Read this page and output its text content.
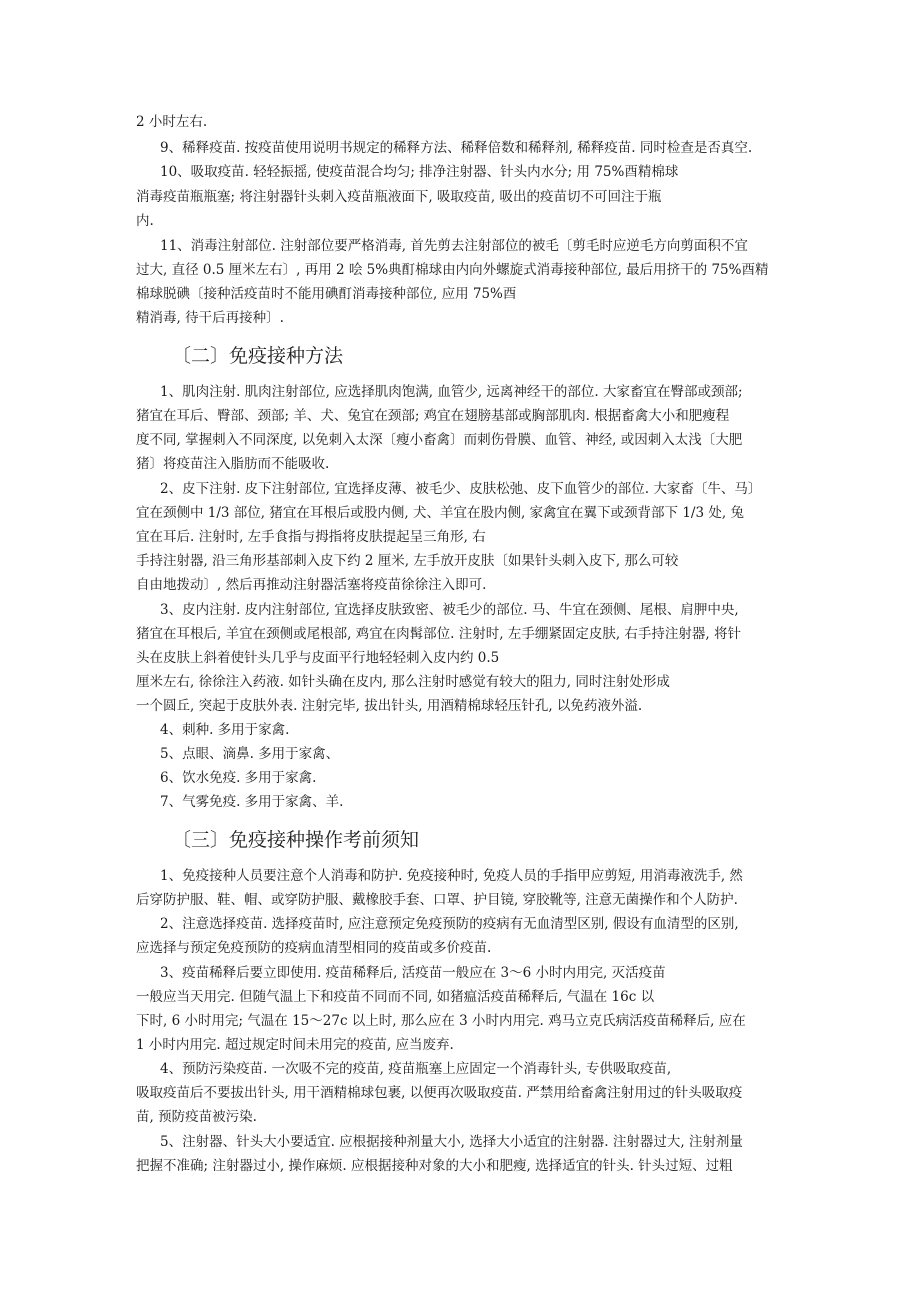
2 小时左右.
9、稀释疫苗. 按疫苗使用说明书规定的稀释方法、稀释倍数和稀释剂, 稀释疫苗. 同时检查是否真空.
10、吸取疫苗. 轻轻振摇, 使疫苗混合均匀; 排净注射器、针头内水分; 用 75%酉精棉球
消毒疫苗瓶瓶塞; 将注射器针头刺入疫苗瓶液面下, 吸取疫苗, 吸出的疫苗切不可回注于瓶
内.
11、消毒注射部位. 注射部位要严格消毒, 首先剪去注射部位的被毛〔剪毛时应逆毛方向剪面积不宜
过大, 直径 0.5 厘米左右〕, 再用 2 哙 5%典酊棉球由内向外螺旋式消毒接种部位, 最后用挤干的 75%酉精
棉球脱碘〔接种活疫苗时不能用碘酊消毒接种部位, 应用 75%酉
精消毒, 待干后再接种〕.
〔二〕免疫接种方法
1、肌肉注射. 肌肉注射部位, 应选择肌肉饱满, 血管少, 远离神经干的部位. 大家畜宜在臀部或颈部;
猪宜在耳后、臀部、颈部; 羊、犬、兔宜在颈部; 鸡宜在翅膀基部或胸部肌肉. 根据畜禽大小和肥瘦程
度不同, 掌握刺入不同深度, 以免刺入太深〔瘦小畜禽〕而刺伤骨膜、血管、神经, 或因刺入太浅〔大肥
猪〕将疫苗注入脂肪而不能吸收.
2、皮下注射. 皮下注射部位, 宜选择皮薄、被毛少、皮肤松弛、皮下血管少的部位. 大家畜〔牛、马〕
宜在颈侧中 1/3 部位, 猪宜在耳根后或股内侧, 犬、羊宜在股内侧, 家禽宜在翼下或颈背部下 1/3 处, 兔
宜在耳后. 注射时, 左手食指与拇指将皮肤提起呈三角形, 右
手持注射器, 沿三角形基部刺入皮下约 2 厘米, 左手放开皮肤〔如果针头刺入皮下, 那么可较
自由地拨动〕, 然后再推动注射器活塞将疫苗徐徐注入即可.
3、皮内注射. 皮内注射部位, 宜选择皮肤致密、被毛少的部位. 马、牛宜在颈侧、尾根、肩胛中央,
猪宜在耳根后, 羊宜在颈侧或尾根部, 鸡宜在肉髯部位. 注射时, 左手绷紧固定皮肤, 右手持注射器, 将针
头在皮肤上斜着使针头几乎与皮面平行地轻轻刺入皮内约 0.5
厘米左右, 徐徐注入药液. 如针头确在皮内, 那么注射时感觉有较大的阻力, 同时注射处形成
一个圆丘, 突起于皮肤外表. 注射完毕, 拔出针头, 用酒精棉球轻压针孔, 以免药液外溢.
4、刺种. 多用于家禽.
5、点眼、滴鼻. 多用于家禽、
6、饮水免疫. 多用于家禽.
7、气雾免疫. 多用于家禽、羊.
〔三〕免疫接种操作考前须知
1、免疫接种人员要注意个人消毒和防护. 免疫接种时, 免疫人员的手指甲应剪短, 用消毒液洗手, 然
后穿防护服、鞋、帽、或穿防护服、戴橡胶手套、口罩、护目镜, 穿胶靴等, 注意无菌操作和个人防护.
2、注意选择疫苗. 选择疫苗时, 应注意预定免疫预防的疫病有无血清型区别, 假设有血清型的区别,
应选择与预定免疫预防的疫病血清型相同的疫苗或多价疫苗.
3、疫苗稀释后要立即使用. 疫苗稀释后, 活疫苗一般应在 3〜6 小时内用完, 灭活疫苗
一般应当天用完. 但随气温上下和疫苗不同而不同, 如猪瘟活疫苗稀释后, 气温在 16c 以
下时, 6 小时用完; 气温在 15〜27c 以上时, 那么应在 3 小时内用完. 鸡马立克氏病活疫苗稀释后, 应在
1 小时内用完. 超过规定时间未用完的疫苗, 应当废弃.
4、预防污染疫苗. 一次吸不完的疫苗, 疫苗瓶塞上应固定一个消毒针头, 专供吸取疫苗,
吸取疫苗后不要拔出针头, 用干酒精棉球包裹, 以便再次吸取疫苗. 严禁用给畜禽注射用过的针头吸取疫
苗, 预防疫苗被污染.
5、注射器、针头大小要适宜. 应根据接种剂量大小, 选择大小适宜的注射器. 注射器过大, 注射剂量
把握不准确; 注射器过小, 操作麻烦. 应根据接种对象的大小和肥瘦, 选择适宜的针头. 针头过短、过粗
